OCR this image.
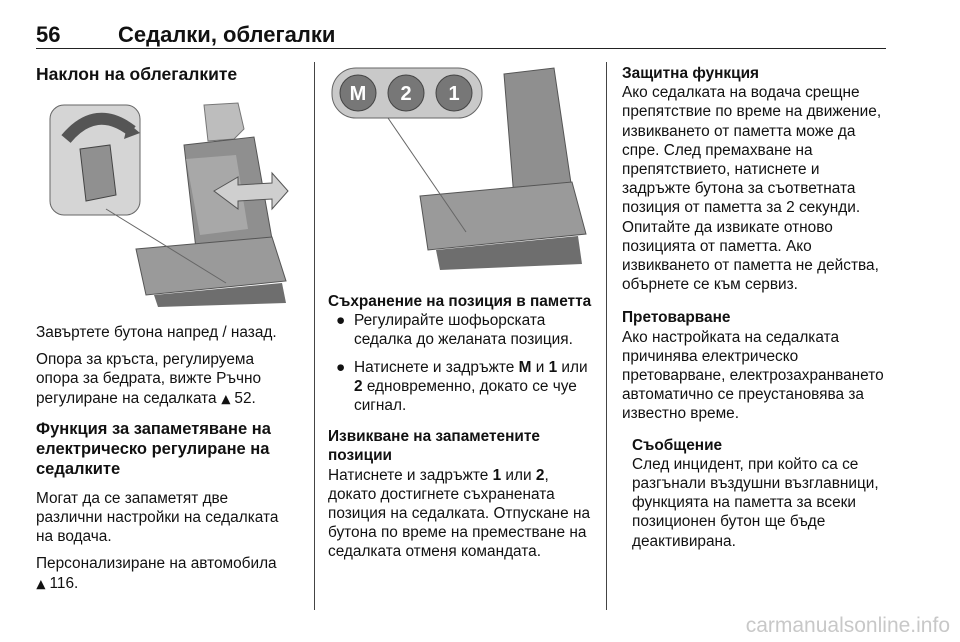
56	Седалки, облегалки
Наклон на облегалките

Завъртете бутона напред / назад.

Опора за кръста, регулируема опора за бедрата, вижте Ръчно регулиране на седалката ▶ 52.

Функция за запаметяване на електрическо регулиране на седалките

Могат да се запаметят две различни настройки на седалката на водача.

Персонализиране на автомобила
▶ 116.

M 2 1
Съхранение на позиция в паметта
● Регулирайте шофьорската седалка до желаната позиция.
● Натиснете и задръжте M и 1 или 2 едновременно, докато се чуе сигнал.
Извикване на запаметените позиции

Натиснете и задръжте 1 или 2, докато достигнете съхранената позиция на седалката. Отпускане на бутона по време на преместване на седалката отменя командата.

Защитна функция

Ако седалката на водача срещне препятствие по време на движение, извикването от паметта може да спре. След премахване на препятствието, натиснете и задръжте бутона за съответната позиция от паметта за 2 секунди. Опитайте да извикате отново позицията от паметта. Ако извикването от паметта не действа, обърнете се към сервиз.

Претоварване

Ако настройката на седалката причинява електрическо претоварване, електрозахранването автоматично се преустановява за известно време.

Съобщение

След инцидент, при който са се разгънали въздушни възглавници, функцията на паметта за всеки позиционен бутон ще бъде деактивирана.

carmanualsonline.info
